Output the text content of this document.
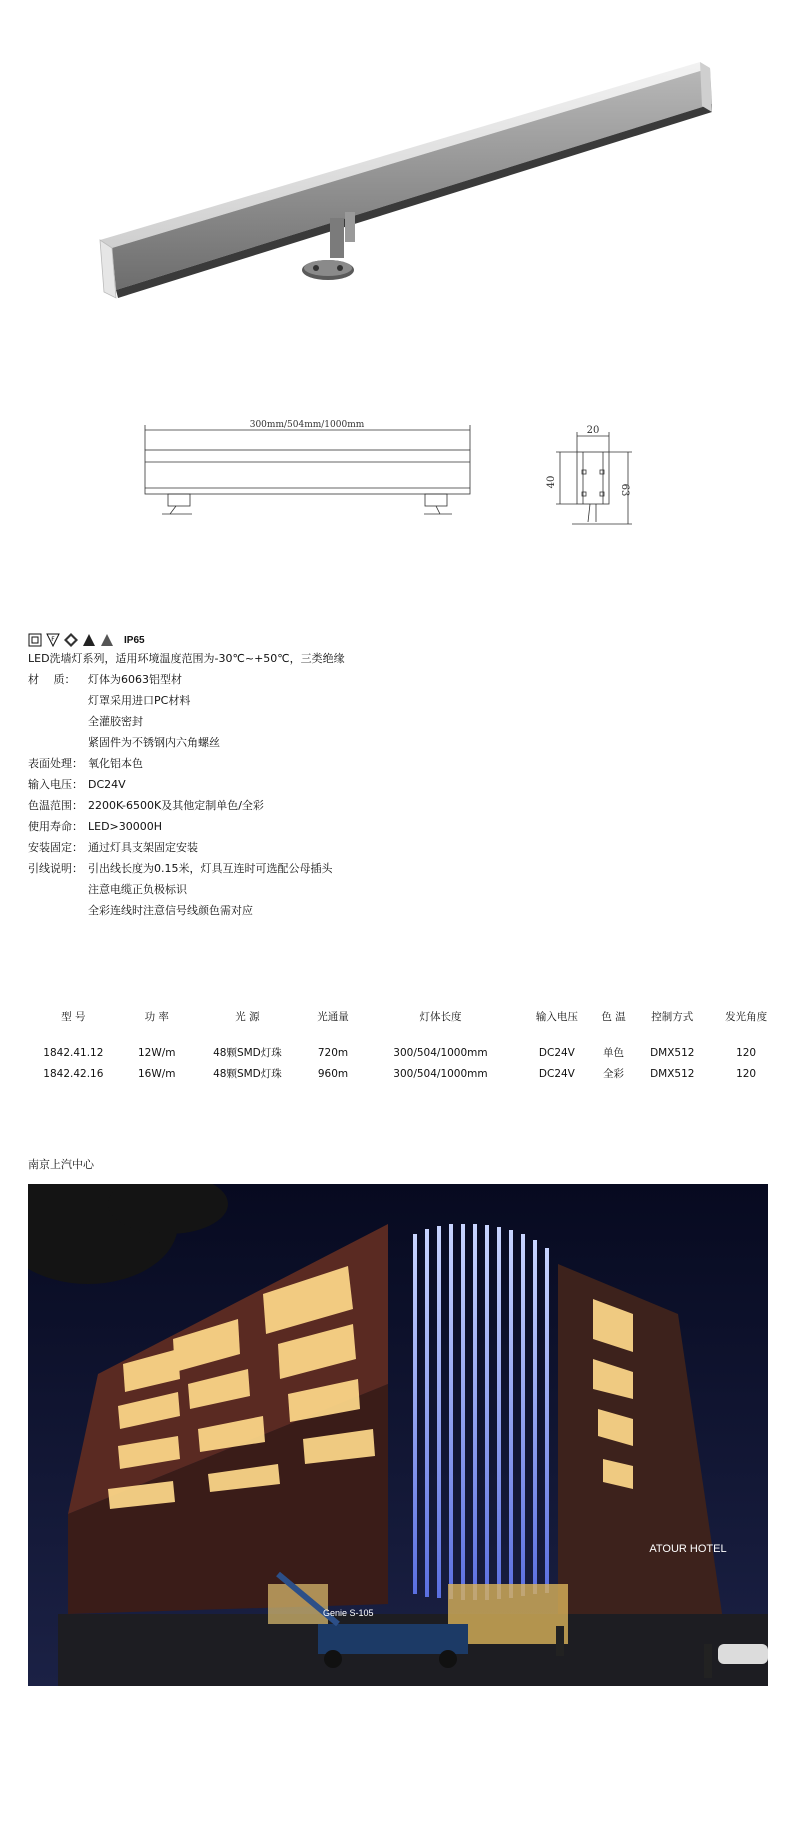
300mm/504mm/1000mm	20
40
63
F	IP65
LED洗墙灯系列，适用环境温度范围为-30℃~+50℃，三类绝缘
材　 质： 灯体为6063铝型材
灯罩采用进口PC材料
全灌胶密封
紧固件为不锈钢内六角螺丝
表面处理： 氧化铝本色
输入电压： DC24V
色温范围： 2200K-6500K及其他定制单色/全彩
使用寿命： LED>30000H
安装固定： 通过灯具支架固定安装
引线说明： 引出线长度为0.15米，灯具互连时可选配公母插头
注意电缆正负极标识
全彩连线时注意信号线颜色需对应
型 号	功 率	光 源	光通量	灯体长度	输入电压	色 温	控制方式	发光角度

1842.41.12	12W/m	48颗SMD灯珠	720m	300/504/1000mm	DC24V	单色	DMX512	120
1842.42.16	16W/m	48颗SMD灯珠	960m	300/504/1000mm	DC24V	全彩	DMX512	120
南京上汽中心
ATOUR HOTEL
Genie S-105
